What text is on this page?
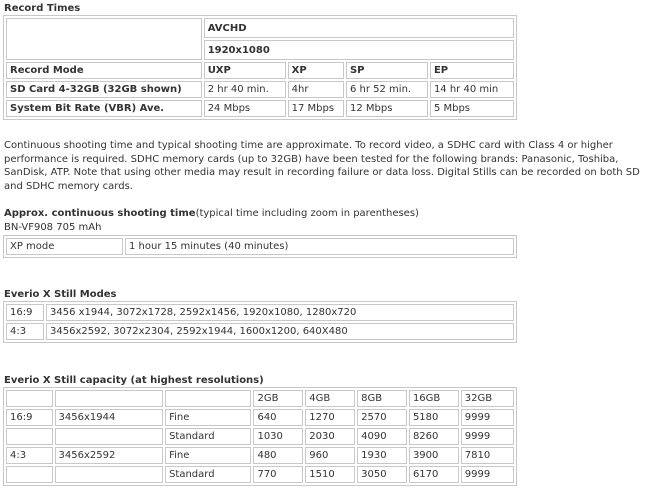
Record Times
	AVCHD			
	1920x1080			
Record Mode	UXP	XP	SP	EP
SD Card 4-32GB (32GB shown)	2 hr 40 min.	4hr	6 hr 52 min.	14 hr 40 min
System Bit Rate (VBR) Ave.	24 Mbps	17 Mbps	12 Mbps	5 Mbps
Continuous shooting time and typical shooting time are approximate. To record video, a SDHC card with Class 4 or higher performance is required. SDHC memory cards (up to 32GB) have been tested for the following brands: Panasonic, Toshiba, SanDisk, ATP. Note that using other media may result in recording failure or data loss. Digital Stills can be recorded on both SD and SDHC memory cards.
Approx. continuous shooting time(typical time including zoom in parentheses)
BN-VF908 705 mAh
XP mode	1 hour 15 minutes (40 minutes)
Everio X Still Modes
16:9	3456 x1944, 3072x1728, 2592x1456, 1920x1080, 1280x720
4:3	3456x2592, 3072x2304, 2592x1944, 1600x1200, 640X480
Everio X Still capacity (at highest resolutions)
			2GB	4GB	8GB	16GB	32GB
16:9	3456x1944	Fine	640	1270	2570	5180	9999
		Standard	1030	2030	4090	8260	9999
4:3	3456x2592	Fine	480	960	1930	3900	7810
		Standard	770	1510	3050	6170	9999
